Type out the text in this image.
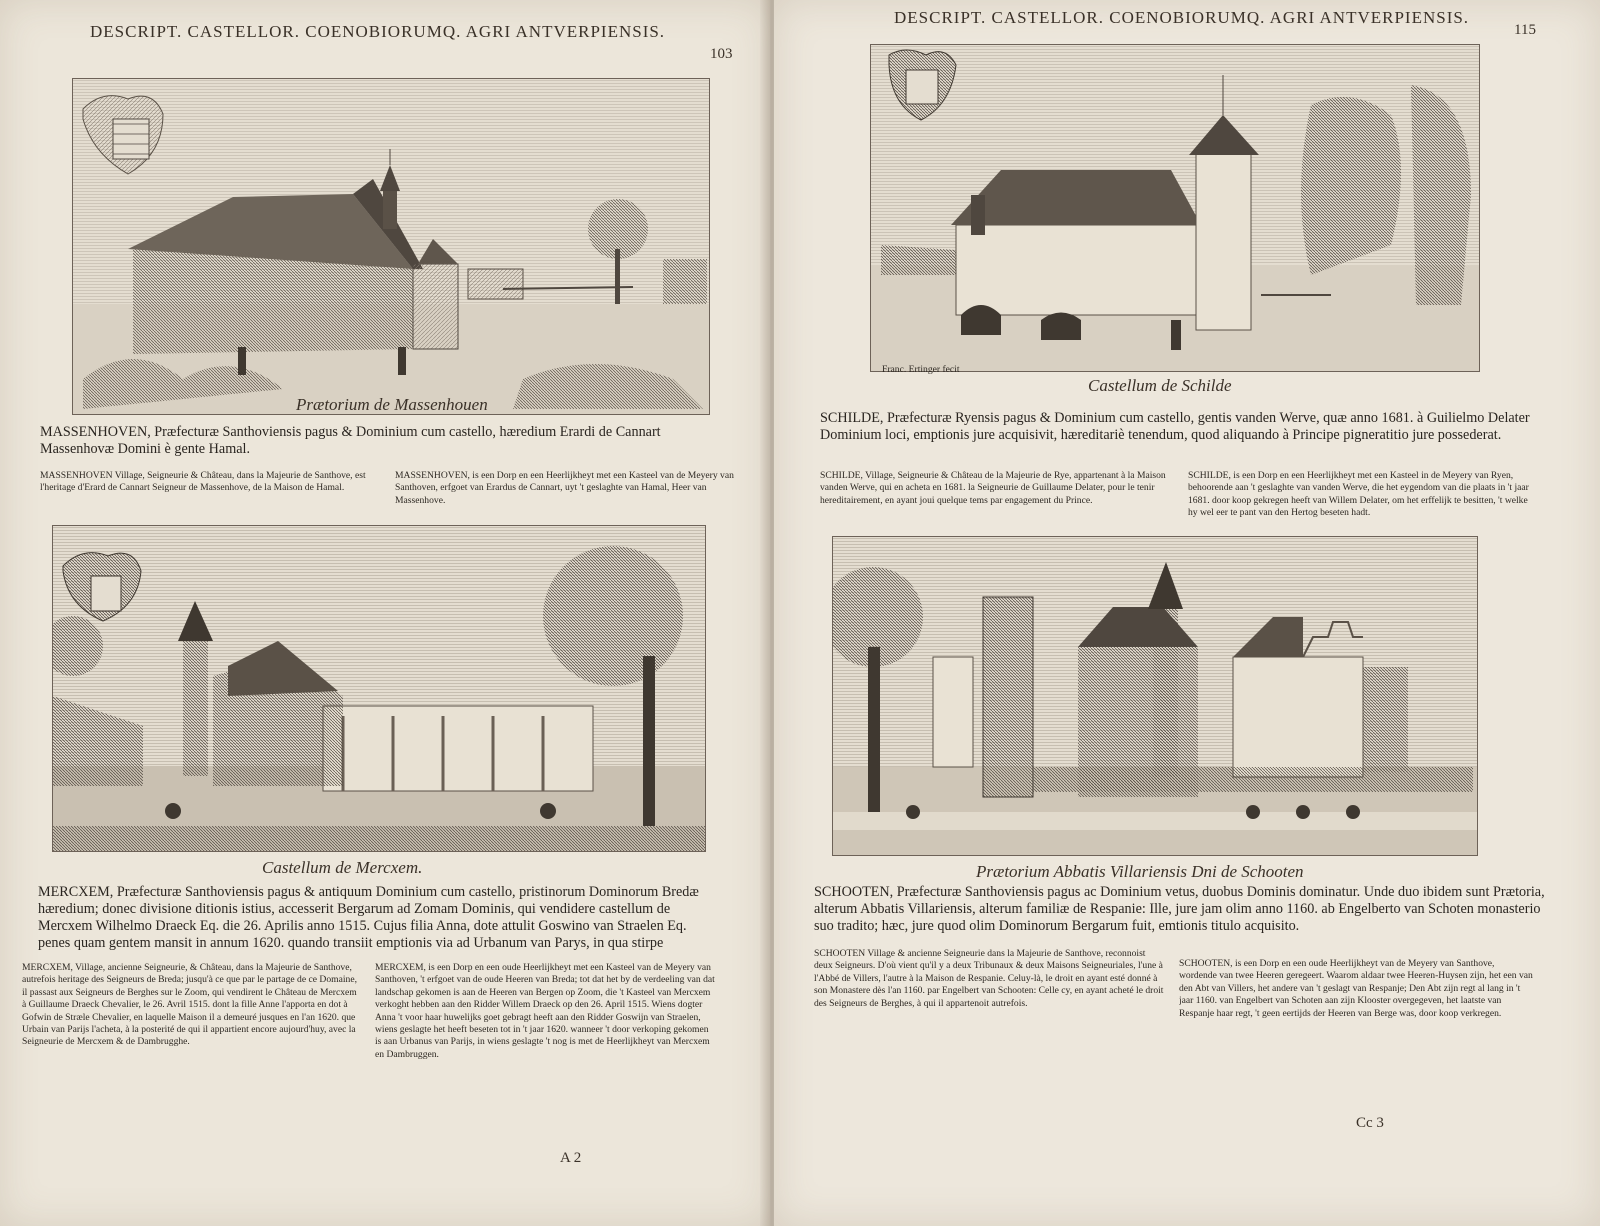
DESCRIPT. CASTELLOR. COENOBIORUMQ. AGRI ANTVERPIENSIS.
103
Prætorium de Massenhouen
MASSENHOVEN, Præfecturæ Santhoviensis pagus & Dominium cum castello, hæredium Erardi de Cannart Massenhovæ Domini è gente Hamal.
MASSENHOVEN Village, Seigneurie & Château, dans la Majeurie de Santhove, est l'heritage d'Erard de Cannart Seigneur de Massenhove, de la Maison de Hamal.
MASSENHOVEN, is een Dorp en een Heerlijkheyt met een Kasteel van de Meyery van Santhoven, erfgoet van Erardus de Cannart, uyt 't geslaghte van Hamal, Heer van Massenhove.
Castellum de Mercxem.
MERCXEM, Præfecturæ Santhoviensis pagus & antiquum Dominium cum castello, pristinorum Dominorum Bredæ hæredium; donec divisione ditionis istius, accesserit Bergarum ad Zomam Dominis, qui vendidere castellum de Mercxem Wilhelmo Draeck Eq. die 26. Aprilis anno 1515. Cujus filia Anna, dote attulit Goswino van Straelen Eq. penes quam gentem mansit in annum 1620. quando transiit emptionis via ad Urbanum van Parys, in qua stirpe
MERCXEM, Village, ancienne Seigneurie, & Château, dans la Majeurie de Santhove, autrefois heritage des Seigneurs de Breda; jusqu'à ce que par le partage de ce Domaine, il passast aux Seigneurs de Berghes sur le Zoom, qui vendirent le Château de Mercxem à Guillaume Draeck Chevalier, le 26. Avril 1515. dont la fille Anne l'apporta en dot à Gofwin de Stræle Chevalier, en laquelle Maison il a demeuré jusques en l'an 1620. que Urbain van Parijs l'acheta, à la posterité de qui il appartient encore aujourd'huy, avec la Seigneurie de Mercxem & de Dambrugghe.
MERCXEM, is een Dorp en een oude Heerlijkheyt met een Kasteel van de Meyery van Santhoven, 't erfgoet van de oude Heeren van Breda; tot dat het by de verdeeling van dat landschap gekomen is aan de Heeren van Bergen op Zoom, die 't Kasteel van Mercxem verkoght hebben aan den Ridder Willem Draeck op den 26. April 1515. Wiens dogter Anna 't voor haar huwelijks goet gebragt heeft aan den Ridder Goswijn van Straelen, wiens geslagte het heeft beseten tot in 't jaar 1620. wanneer 't door verkoping gekomen is aan Urbanus van Parijs, in wiens geslagte 't nog is met de Heerlijkheyt van Mercxem en Dambruggen.
A 2
DESCRIPT. CASTELLOR. COENOBIORUMQ. AGRI ANTVERPIENSIS.
115
Franc. Ertinger fecit
Castellum de Schilde
SCHILDE, Præfecturæ Ryensis pagus & Dominium cum castello, gentis vanden Werve, quæ anno 1681. à Guilielmo Delater Dominium loci, emptionis jure acquisivit, hæreditariè tenendum, quod aliquando à Principe pigneratitio jure possederat.
SCHILDE, Village, Seigneurie & Château de la Majeurie de Rye, appartenant à la Maison vanden Werve, qui en acheta en 1681. la Seigneurie de Guillaume Delater, pour le tenir hereditairement, en ayant joui quelque tems par engagement du Prince.
SCHILDE, is een Dorp en een Heerlijkheyt met een Kasteel in de Meyery van Ryen, behoorende aan 't geslaghte van vanden Werve, die het eygendom van die plaats in 't jaar 1681. door koop gekregen heeft van Willem Delater, om het erffelijk te besitten, 't welke hy wel eer te pant van den Hertog beseten hadt.
Prætorium Abbatis Villariensis Dni de Schooten
SCHOOTEN, Præfecturæ Santhoviensis pagus ac Dominium vetus, duobus Dominis dominatur. Unde duo ibidem sunt Prætoria, alterum Abbatis Villariensis, alterum familiæ de Respanie: Ille, jure jam olim anno 1160. ab Engelberto van Schoten monasterio suo tradito; hæc, jure quod olim Dominorum Bergarum fuit, emtionis titulo acquisito.
SCHOOTEN Village & ancienne Seigneurie dans la Majeurie de Santhove, reconnoist deux Seigneurs. D'où vient qu'il y a deux Tribunaux & deux Maisons Seigneuriales, l'une à l'Abbé de Villers, l'autre à la Maison de Respanie. Celuy-là, le droit en ayant esté donné à son Monastere dès l'an 1160. par Engelbert van Schooten: Celle cy, en ayant acheté le droit des Seigneurs de Berghes, à qui il appartenoit autrefois.
SCHOOTEN, is een Dorp en een oude Heerlijkheyt van de Meyery van Santhove, wordende van twee Heeren geregeert. Waarom aldaar twee Heeren-Huysen zijn, het een van den Abt van Villers, het andere van 't geslagt van Respanje; Den Abt zijn regt al lang in 't jaar 1160. van Engelbert van Schoten aan zijn Klooster overgegeven, het laatste van Respanje haar regt, 't geen eertijds der Heeren van Berge was, door koop verkregen.
Cc 3
